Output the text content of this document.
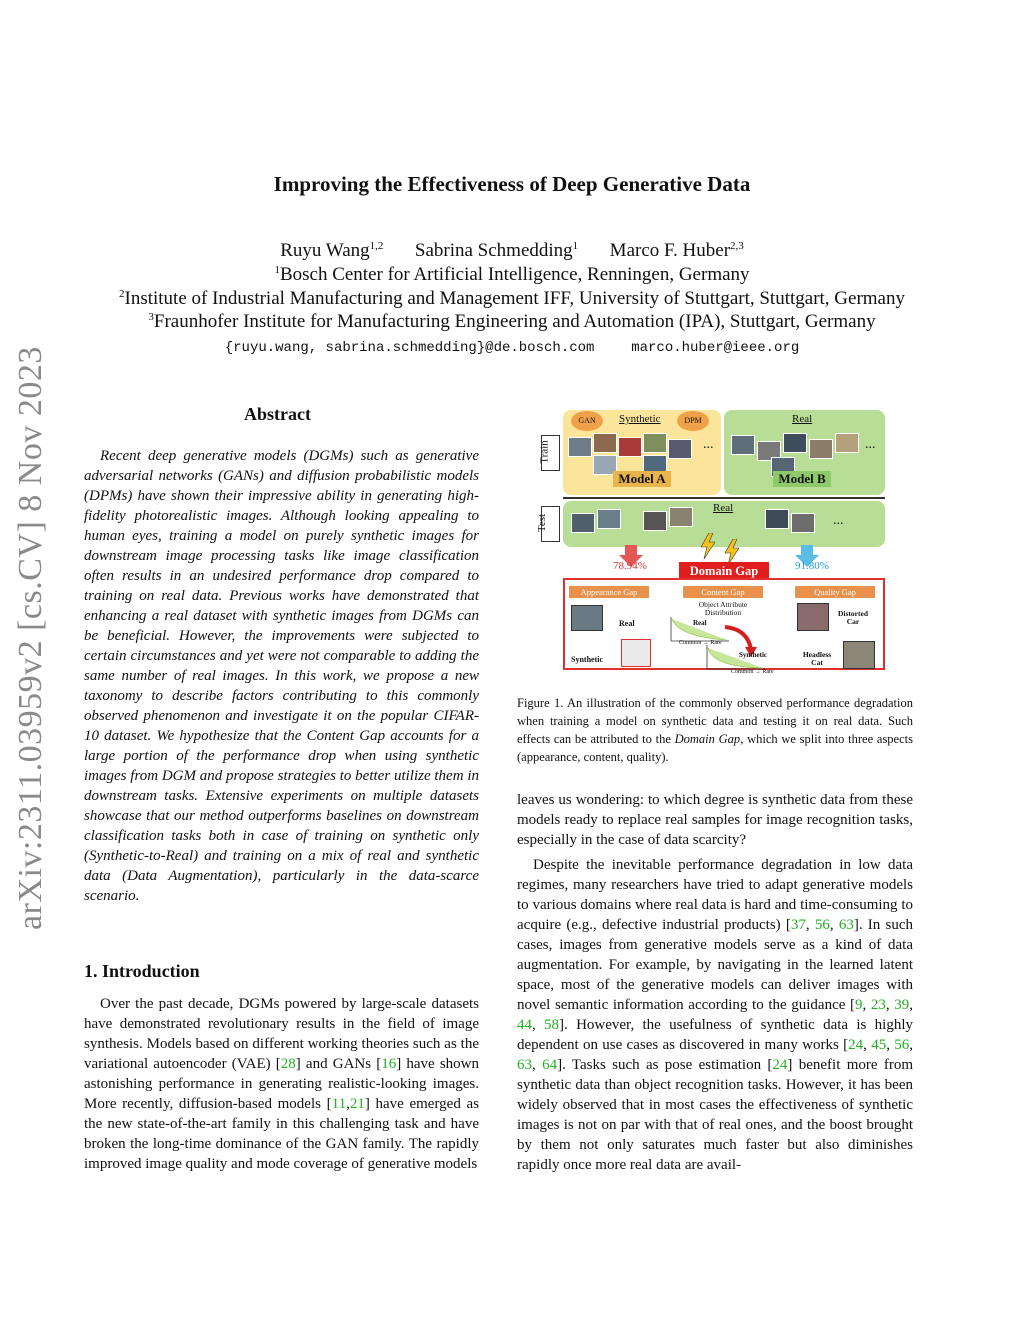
arXiv:2311.03959v2 [cs.CV] 8 Nov 2023
Improving the Effectiveness of Deep Generative Data
Ruyu Wang$^{1,2}$ Sabrina Schmedding$^1$ Marco F. Huber$^{2,3}$
$^1$Bosch Center for Artificial Intelligence, Renningen, Germany
$^2$Institute of Industrial Manufacturing and Management IFF, University of Stuttgart, Stuttgart, Germany
$^3$Fraunhofer Institute for Manufacturing Engineering and Automation (IPA), Stuttgart, Germany
{ruyu.wang, sabrina.schmedding}@de.bosch.com	marco.huber@ieee.org
Abstract

Recent deep generative models (DGMs) such as generative adversarial networks (GANs) and diffusion probabilistic models (DPMs) have shown their impressive ability in generating high-fidelity photorealistic images. Although looking appealing to human eyes, training a model on purely synthetic images for downstream image processing tasks like image classification often results in an undesired performance drop compared to training on real data. Previous works have demonstrated that enhancing a real dataset with synthetic images from DGMs can be beneficial. However, the improvements were subjected to certain circumstances and yet were not comparable to adding the same number of real images. In this work, we propose a new taxonomy to describe factors contributing to this commonly observed phenomenon and investigate it on the popular CIFAR-10 dataset. We hypothesize that the Content Gap accounts for a large portion of the performance drop when using synthetic images from DGM and propose strategies to better utilize them in downstream tasks. Extensive experiments on multiple datasets showcase that our method outperforms baselines on downstream classification tasks both in case of training on synthetic only (Synthetic-to-Real) and training on a mix of real and synthetic data (Data Augmentation), particularly in the data-scarce scenario.

1. Introduction

Over the past decade, DGMs powered by large-scale datasets have demonstrated revolutionary results in the field of image synthesis. Models based on different working theories such as the variational autoencoder (VAE) [28] and GANs [16] have shown astonishing performance in generating realistic-looking images. More recently, diffusion-based models [11,21] have emerged as the new state-of-the-art family in this challenging task and have broken the long-time dominance of the GAN family. The rapidly improved image quality and mode coverage of generative models

Train
GAN	DPM
Synthetic	Real
...	...
Model A	Model B
Test
Real
...
78.94%	91.80%
Domain Gap
Appearance Gap	Content Gap	Quality Gap
Real
Synthetic
Object Attribute Distribution
Real
Synthetic
Common → Rare
Common → Rare
Distorted Car
Headless Cat

Figure 1. An illustration of the commonly observed performance degradation when training a model on synthetic data and testing it on real data. Such effects can be attributed to the Domain Gap, which we split into three aspects (appearance, content, quality).

leaves us wondering: to which degree is synthetic data from these models ready to replace real samples for image recognition tasks, especially in the case of data scarcity?

Despite the inevitable performance degradation in low data regimes, many researchers have tried to adapt generative models to various domains where real data is hard and time-consuming to acquire (e.g., defective industrial products) [37, 56, 63]. In such cases, images from generative models serve as a kind of data augmentation. For example, by navigating in the learned latent space, most of the generative models can deliver images with novel semantic information according to the guidance [9, 23, 39, 44, 58]. However, the usefulness of synthetic data is highly dependent on use cases as discovered in many works [24, 45, 56, 63, 64]. Tasks such as pose estimation [24] benefit more from synthetic data than object recognition tasks. However, it has been widely observed that in most cases the effectiveness of synthetic images is not on par with that of real ones, and the boost brought by them not only saturates much faster but also diminishes rapidly once more real data are avail-
